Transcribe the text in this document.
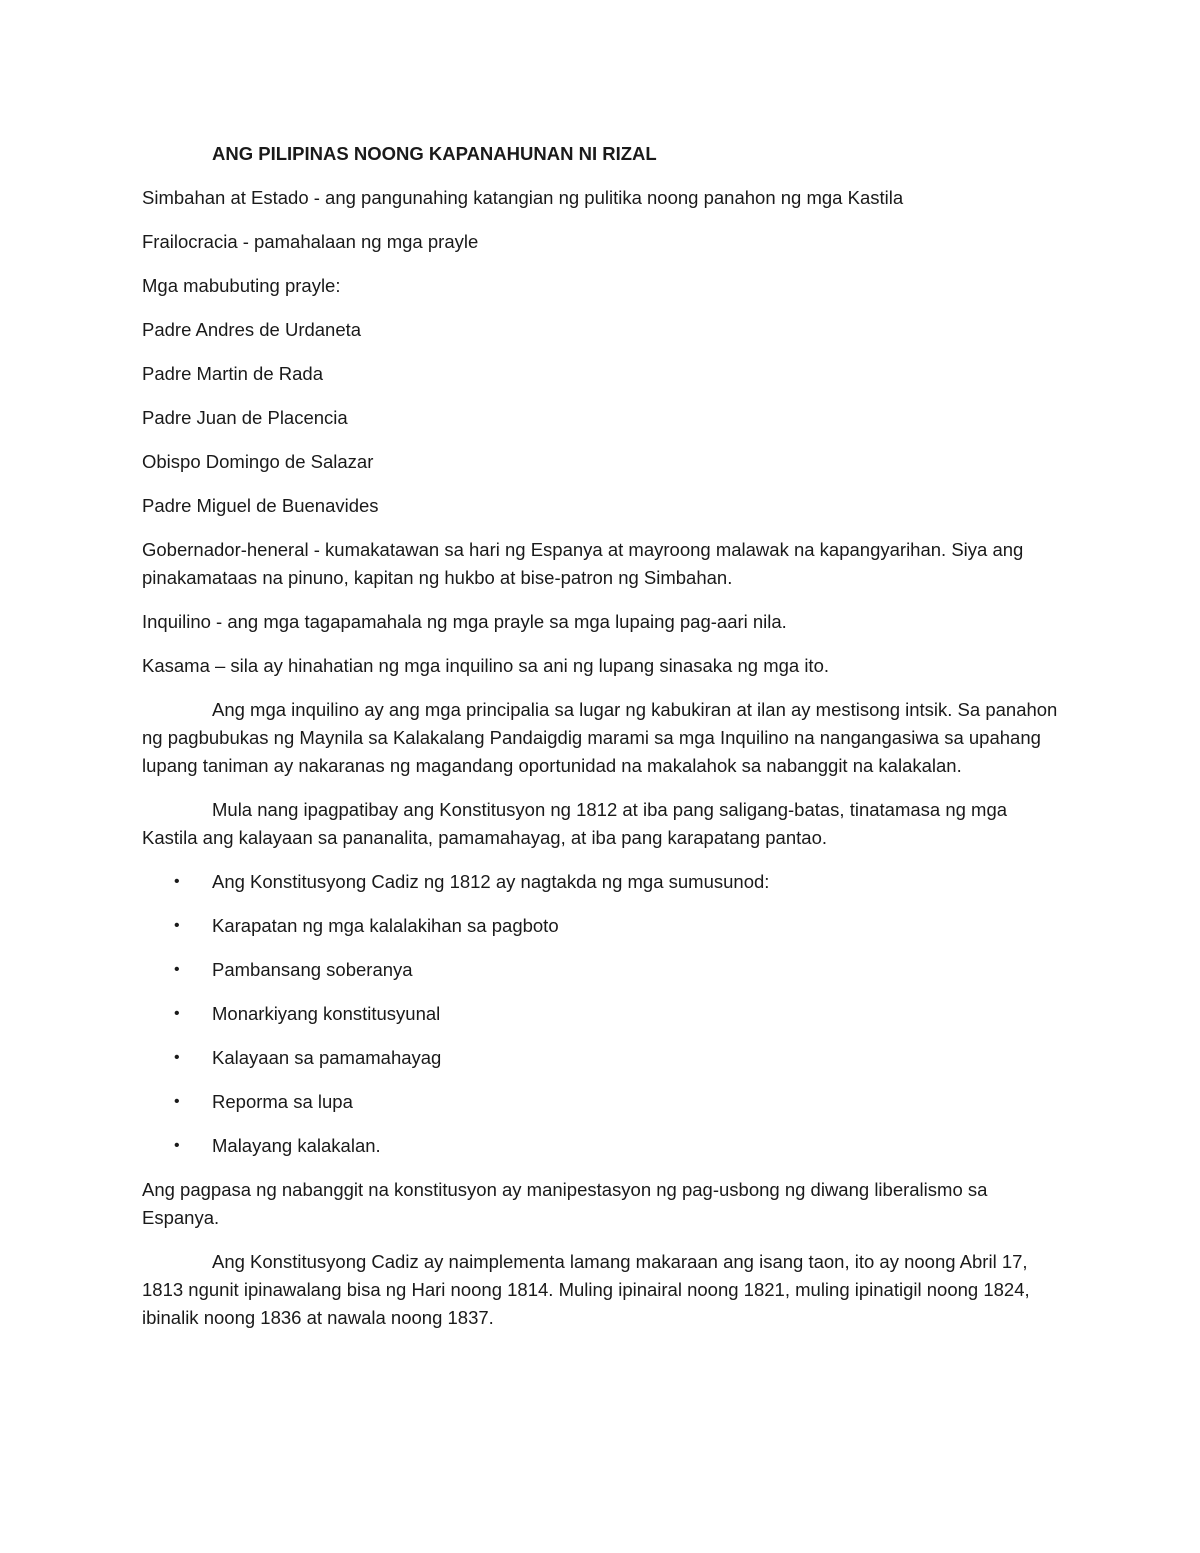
ANG PILIPINAS NOONG KAPANAHUNAN NI RIZAL

Simbahan at Estado - ang pangunahing katangian ng pulitika noong panahon ng mga Kastila

Frailocracia - pamahalaan ng mga prayle

Mga mabubuting prayle:

Padre Andres de Urdaneta

Padre Martin de Rada

Padre Juan de Placencia

Obispo Domingo de Salazar

Padre Miguel de Buenavides

Gobernador-heneral - kumakatawan sa hari ng Espanya at mayroong malawak na kapangyarihan. Siya ang pinakamataas na pinuno, kapitan ng hukbo at bise-patron ng Simbahan.

Inquilino - ang mga tagapamahala ng mga prayle sa mga lupaing pag-aari nila.

Kasama – sila ay hinahatian ng mga inquilino sa ani ng lupang sinasaka ng mga ito.

Ang mga inquilino ay ang mga principalia sa lugar ng kabukiran at ilan ay mestisong intsik. Sa panahon ng pagbubukas ng Maynila sa Kalakalang Pandaigdig marami sa mga Inquilino na nangangasiwa sa upahang lupang taniman ay nakaranas ng magandang oportunidad na makalahok sa nabanggit na kalakalan.

Mula nang ipagpatibay ang Konstitusyon ng 1812 at iba pang saligang-batas, tinatamasa ng mga Kastila ang kalayaan sa pananalita, pamamahayag, at iba pang karapatang pantao.

• Ang Konstitusyong Cadiz ng 1812 ay nagtakda ng mga sumusunod:
• Karapatan ng mga kalalakihan sa pagboto
• Pambansang soberanya
• Monarkiyang konstitusyunal
• Kalayaan sa pamamahayag
• Reporma sa lupa
• Malayang kalakalan.

Ang pagpasa ng nabanggit na konstitusyon ay manipestasyon ng pag-usbong ng diwang liberalismo sa Espanya.

Ang Konstitusyong Cadiz ay naimplementa lamang makaraan ang isang taon, ito ay noong Abril 17, 1813 ngunit ipinawalang bisa ng Hari noong 1814. Muling ipinairal noong 1821, muling ipinatigil noong 1824, ibinalik noong 1836 at nawala noong 1837.
